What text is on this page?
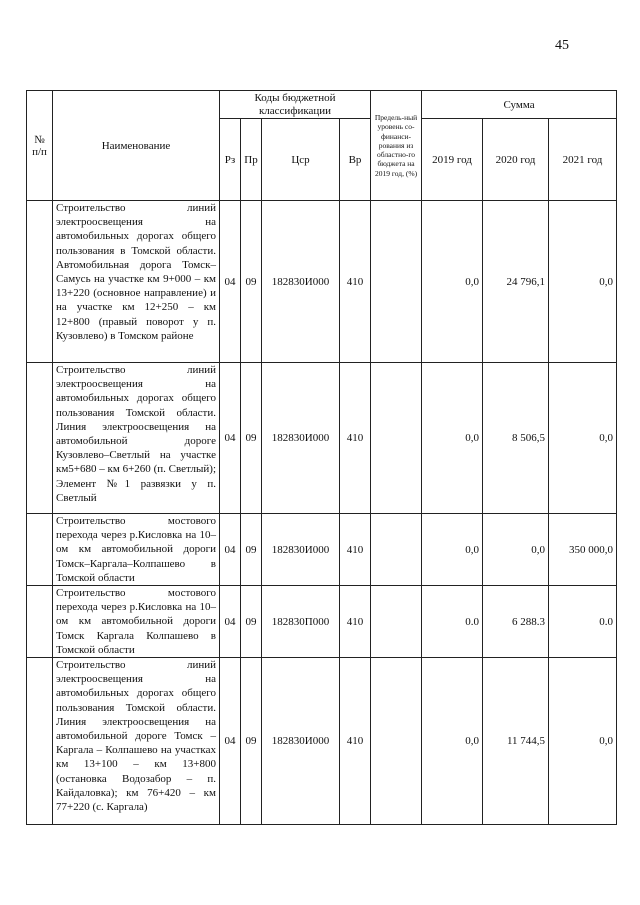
45
№ п/п	Наименование	Коды бюджетной классификации				Предель-ный уровень со-финанси-рования из областно-го бюджета на 2019 год, (%)	Сумма		
		Рз	Пр	Цср	Вр		2019 год	2020 год	2021 год
	Строительство линий электроосвещения на автомобильных дорогах общего пользования в Томской области. Автомобильная дорога Томск–Самусь на участке км 9+000 – км 13+220 (основное направление) и на участке км 12+250 – км 12+800 (правый поворот у п. Кузовлево) в Томском районе	04	09	182830И000	410		0,0	24 796,1	0,0
	Строительство линий электроосвещения на автомобильных дорогах общего пользования Томской области. Линия электроосвещения на автомобильной дороге Кузовлево–Светлый на участке км5+680 – км 6+260 (п. Светлый); Элемент №1 развязки у п. Светлый	04	09	182830И000	410		0,0	8 506,5	0,0
	Строительство мостового перехода через р.Кисловка на 10–ом км автомобильной дороги Томск–Каргала–Колпашево в Томской области	04	09	182830И000	410		0,0	0,0	350 000,0
	Строительство мостового перехода через р.Кисловка на 10–ом км автомобильной дороги Томск Каргала Колпашево в Томской области	04	09	182830П000	410		0.0	6 288.3	0.0
	Строительство линий электроосвещения на автомобильных дорогах общего пользования Томской области. Линия электроосвещения на автомобильной дороге Томск – Каргала – Колпашево на участках км 13+100 – км 13+800 (остановка Водозабор – п. Кайдаловка); км 76+420 – км 77+220 (с. Каргала)	04	09	182830И000	410		0,0	11 744,5	0,0
